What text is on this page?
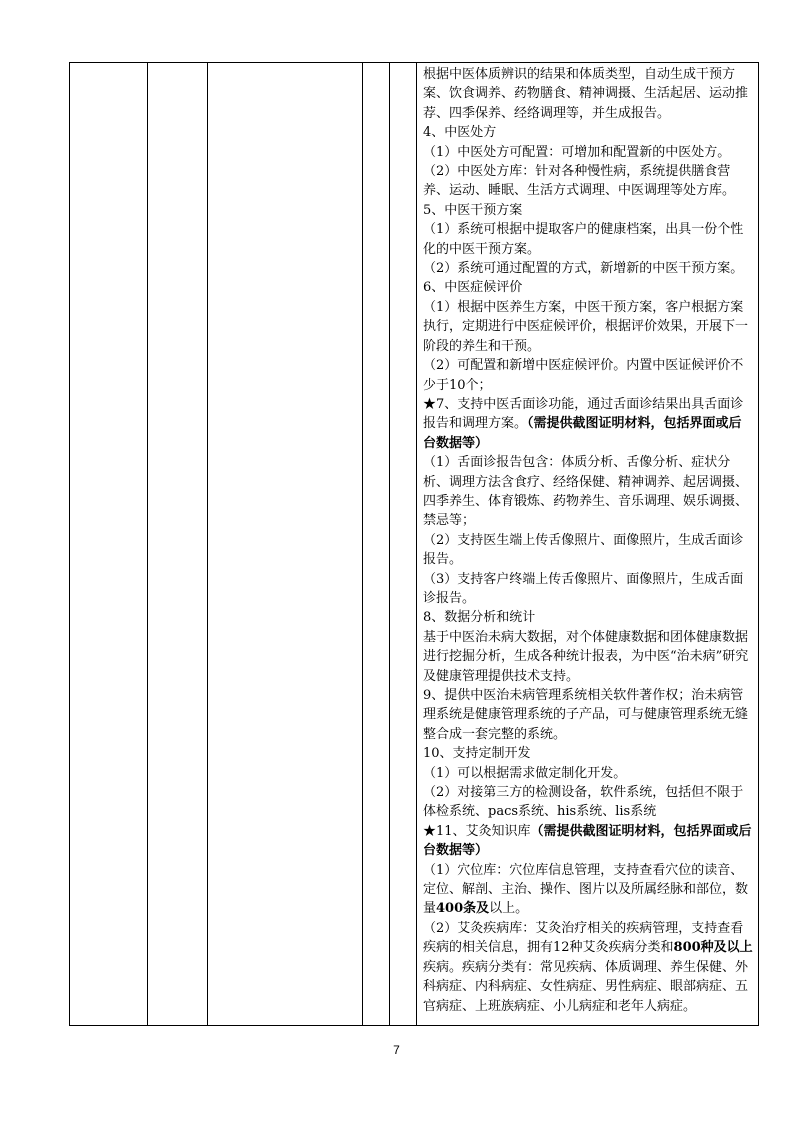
根据中医体质辨识的结果和体质类型，自动生成干预方案、饮食调养、药物膳食、精神调摄、生活起居、运动推荐、四季保养、经络调理等，并生成报告。

4、中医处方

（1）中医处方可配置：可增加和配置新的中医处方。

（2）中医处方库：针对各种慢性病，系统提供膳食营养、运动、睡眠、生活方式调理、中医调理等处方库。

5、中医干预方案

（1）系统可根据中提取客户的健康档案，出具一份个性化的中医干预方案。

（2）系统可通过配置的方式，新增新的中医干预方案。

6、中医症候评价

（1）根据中医养生方案，中医干预方案，客户根据方案执行，定期进行中医症候评价，根据评价效果，开展下一阶段的养生和干预。

（2）可配置和新增中医症候评价。内置中医证候评价不少于10个；

★7、支持中医舌面诊功能，通过舌面诊结果出具舌面诊报告和调理方案。（需提供截图证明材料，包括界面或后台数据等）

（1）舌面诊报告包含：体质分析、舌像分析、症状分析、调理方法含食疗、经络保健、精神调养、起居调摄、四季养生、体育锻炼、药物养生、音乐调理、娱乐调摄、禁忌等；

（2）支持医生端上传舌像照片、面像照片，生成舌面诊报告。

（3）支持客户终端上传舌像照片、面像照片，生成舌面诊报告。

8、数据分析和统计

基于中医治未病大数据，对个体健康数据和团体健康数据进行挖掘分析，生成各种统计报表，为中医“治未病”研究及健康管理提供技术支持。

9、提供中医治未病管理系统相关软件著作权；治未病管理系统是健康管理系统的子产品，可与健康管理系统无缝整合成一套完整的系统。

10、支持定制开发

（1）可以根据需求做定制化开发。

（2）对接第三方的检测设备，软件系统，包括但不限于体检系统、pacs系统、his系统、lis系统

★11、艾灸知识库（需提供截图证明材料，包括界面或后台数据等）

（1）穴位库：穴位库信息管理，支持查看穴位的读音、定位、解剖、主治、操作、图片以及所属经脉和部位，数量400条及以上。

（2）艾灸疾病库：艾灸治疗相关的疾病管理，支持查看疾病的相关信息，拥有12种艾灸疾病分类和800种及以上疾病。疾病分类有：常见疾病、体质调理、养生保健、外科病症、内科病症、女性病症、男性病症、眼部病症、五官病症、上班族病症、小儿病症和老年人病症。

7
